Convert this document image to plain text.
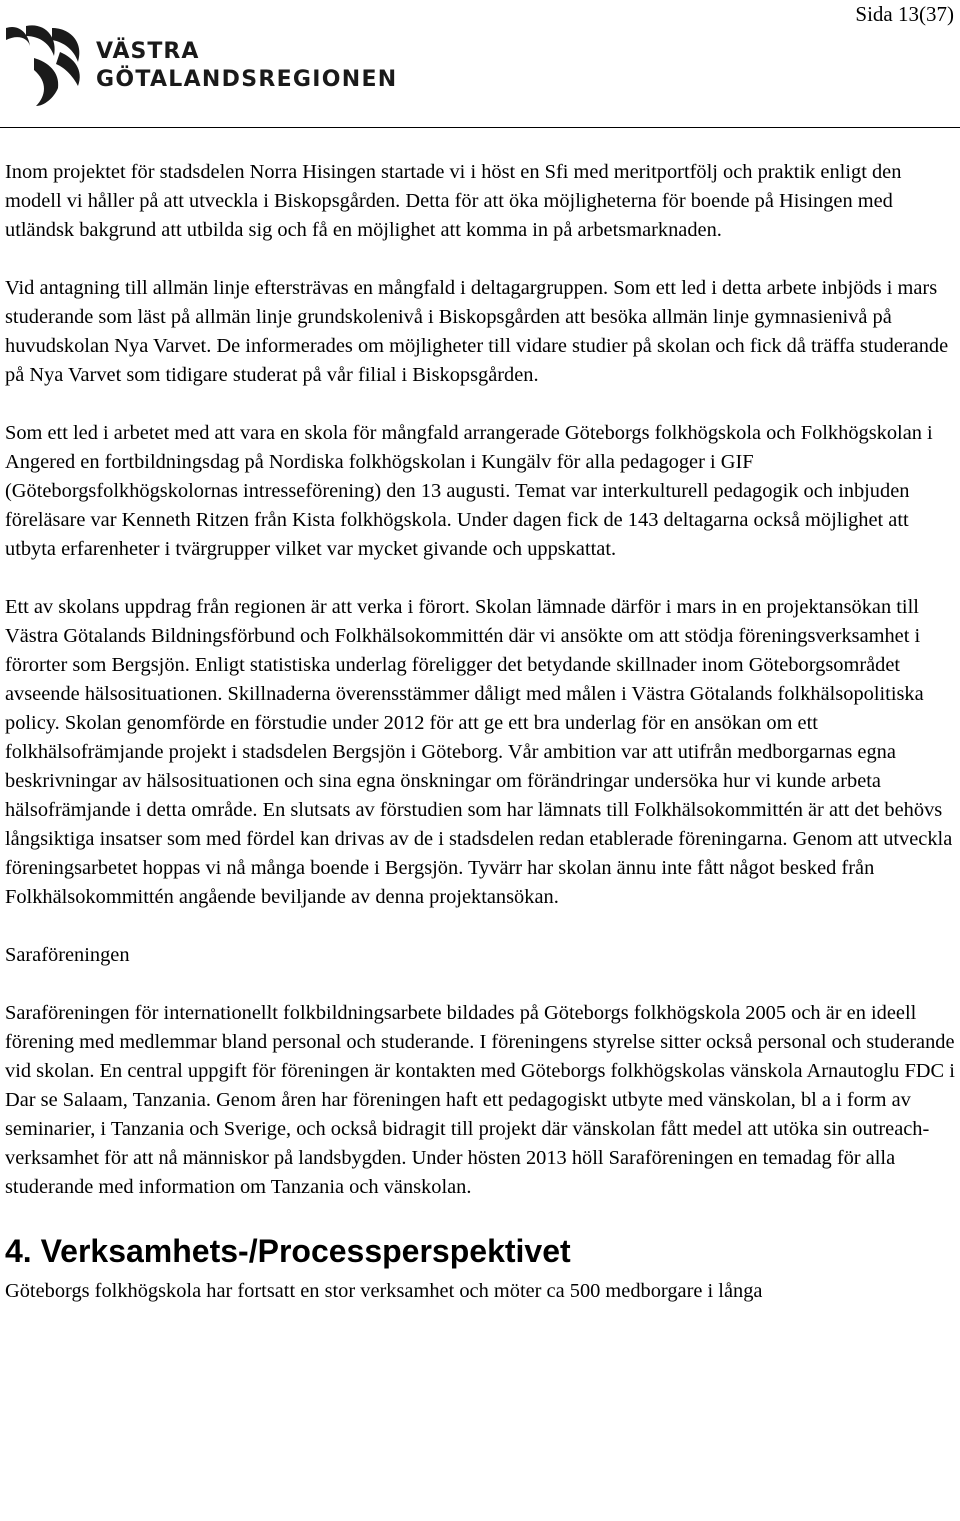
VÄSTRA
GÖTALANDSREGIONEN
Sida 13(37)

Inom projektet för stadsdelen Norra Hisingen startade vi i höst en Sfi med meritportfölj och praktik enligt den modell vi håller på att utveckla i Biskopsgården. Detta för att öka möjligheterna för boende på Hisingen med utländsk bakgrund att utbilda sig och få en möjlighet att komma in på arbetsmarknaden.

Vid antagning till allmän linje eftersträvas en mångfald i deltagargruppen. Som ett led i detta arbete inbjöds i mars studerande som läst på allmän linje grundskolenivå i Biskopsgården att besöka allmän linje gymnasienivå på huvudskolan Nya Varvet. De informerades om möjligheter till vidare studier på skolan och fick då träffa studerande på Nya Varvet som tidigare studerat på vår filial i Biskopsgården.

Som ett led i arbetet med att vara en skola för mångfald arrangerade Göteborgs folkhögskola och Folkhögskolan i Angered en fortbildningsdag på Nordiska folkhögskolan i Kungälv för alla pedagoger i GIF (Göteborgsfolkhögskolornas intresseförening) den 13 augusti. Temat var interkulturell pedagogik och inbjuden föreläsare var Kenneth Ritzen från Kista folkhögskola. Under dagen fick de 143 deltagarna också möjlighet att utbyta erfarenheter i tvärgrupper vilket var mycket givande och uppskattat.

Ett av skolans uppdrag från regionen är att verka i förort. Skolan lämnade därför i mars in en projektansökan till Västra Götalands Bildningsförbund och Folkhälsokommittén där vi ansökte om att stödja föreningsverksamhet i förorter som Bergsjön. Enligt statistiska underlag föreligger det betydande skillnader inom Göteborgsområdet avseende hälsosituationen. Skillnaderna överensstämmer dåligt med målen i Västra Götalands folkhälsopolitiska policy. Skolan genomförde en förstudie under 2012 för att ge ett bra underlag för en ansökan om ett folkhälsofrämjande projekt i stadsdelen Bergsjön i Göteborg. Vår ambition var att utifrån medborgarnas egna beskrivningar av hälsosituationen och sina egna önskningar om förändringar undersöka hur vi kunde arbeta hälsofrämjande i detta område. En slutsats av förstudien som har lämnats till Folkhälsokommittén är att det behövs långsiktiga insatser som med fördel kan drivas av de i stadsdelen redan etablerade föreningarna. Genom att utveckla föreningsarbetet hoppas vi nå många boende i Bergsjön. Tyvärr har skolan ännu inte fått något besked från Folkhälsokommittén angående beviljande av denna projektansökan.

Saraföreningen

Saraföreningen för internationellt folkbildningsarbete bildades på Göteborgs folkhögskola 2005 och är en ideell förening med medlemmar bland personal och studerande. I föreningens styrelse sitter också personal och studerande vid skolan. En central uppgift för föreningen är kontakten med Göteborgs folkhögskolas vänskola Arnautoglu FDC i Dar se Salaam, Tanzania. Genom åren har föreningen haft ett pedagogiskt utbyte med vänskolan, bl a i form av seminarier, i Tanzania och Sverige, och också bidragit till projekt där vänskolan fått medel att utöka sin outreach-verksamhet för att nå människor på landsbygden. Under hösten 2013 höll Saraföreningen en temadag för alla studerande med information om Tanzania och vänskolan.

4. Verksamhets-/Processperspektivet

Göteborgs folkhögskola har fortsatt en stor verksamhet och möter ca 500 medborgare i långa
